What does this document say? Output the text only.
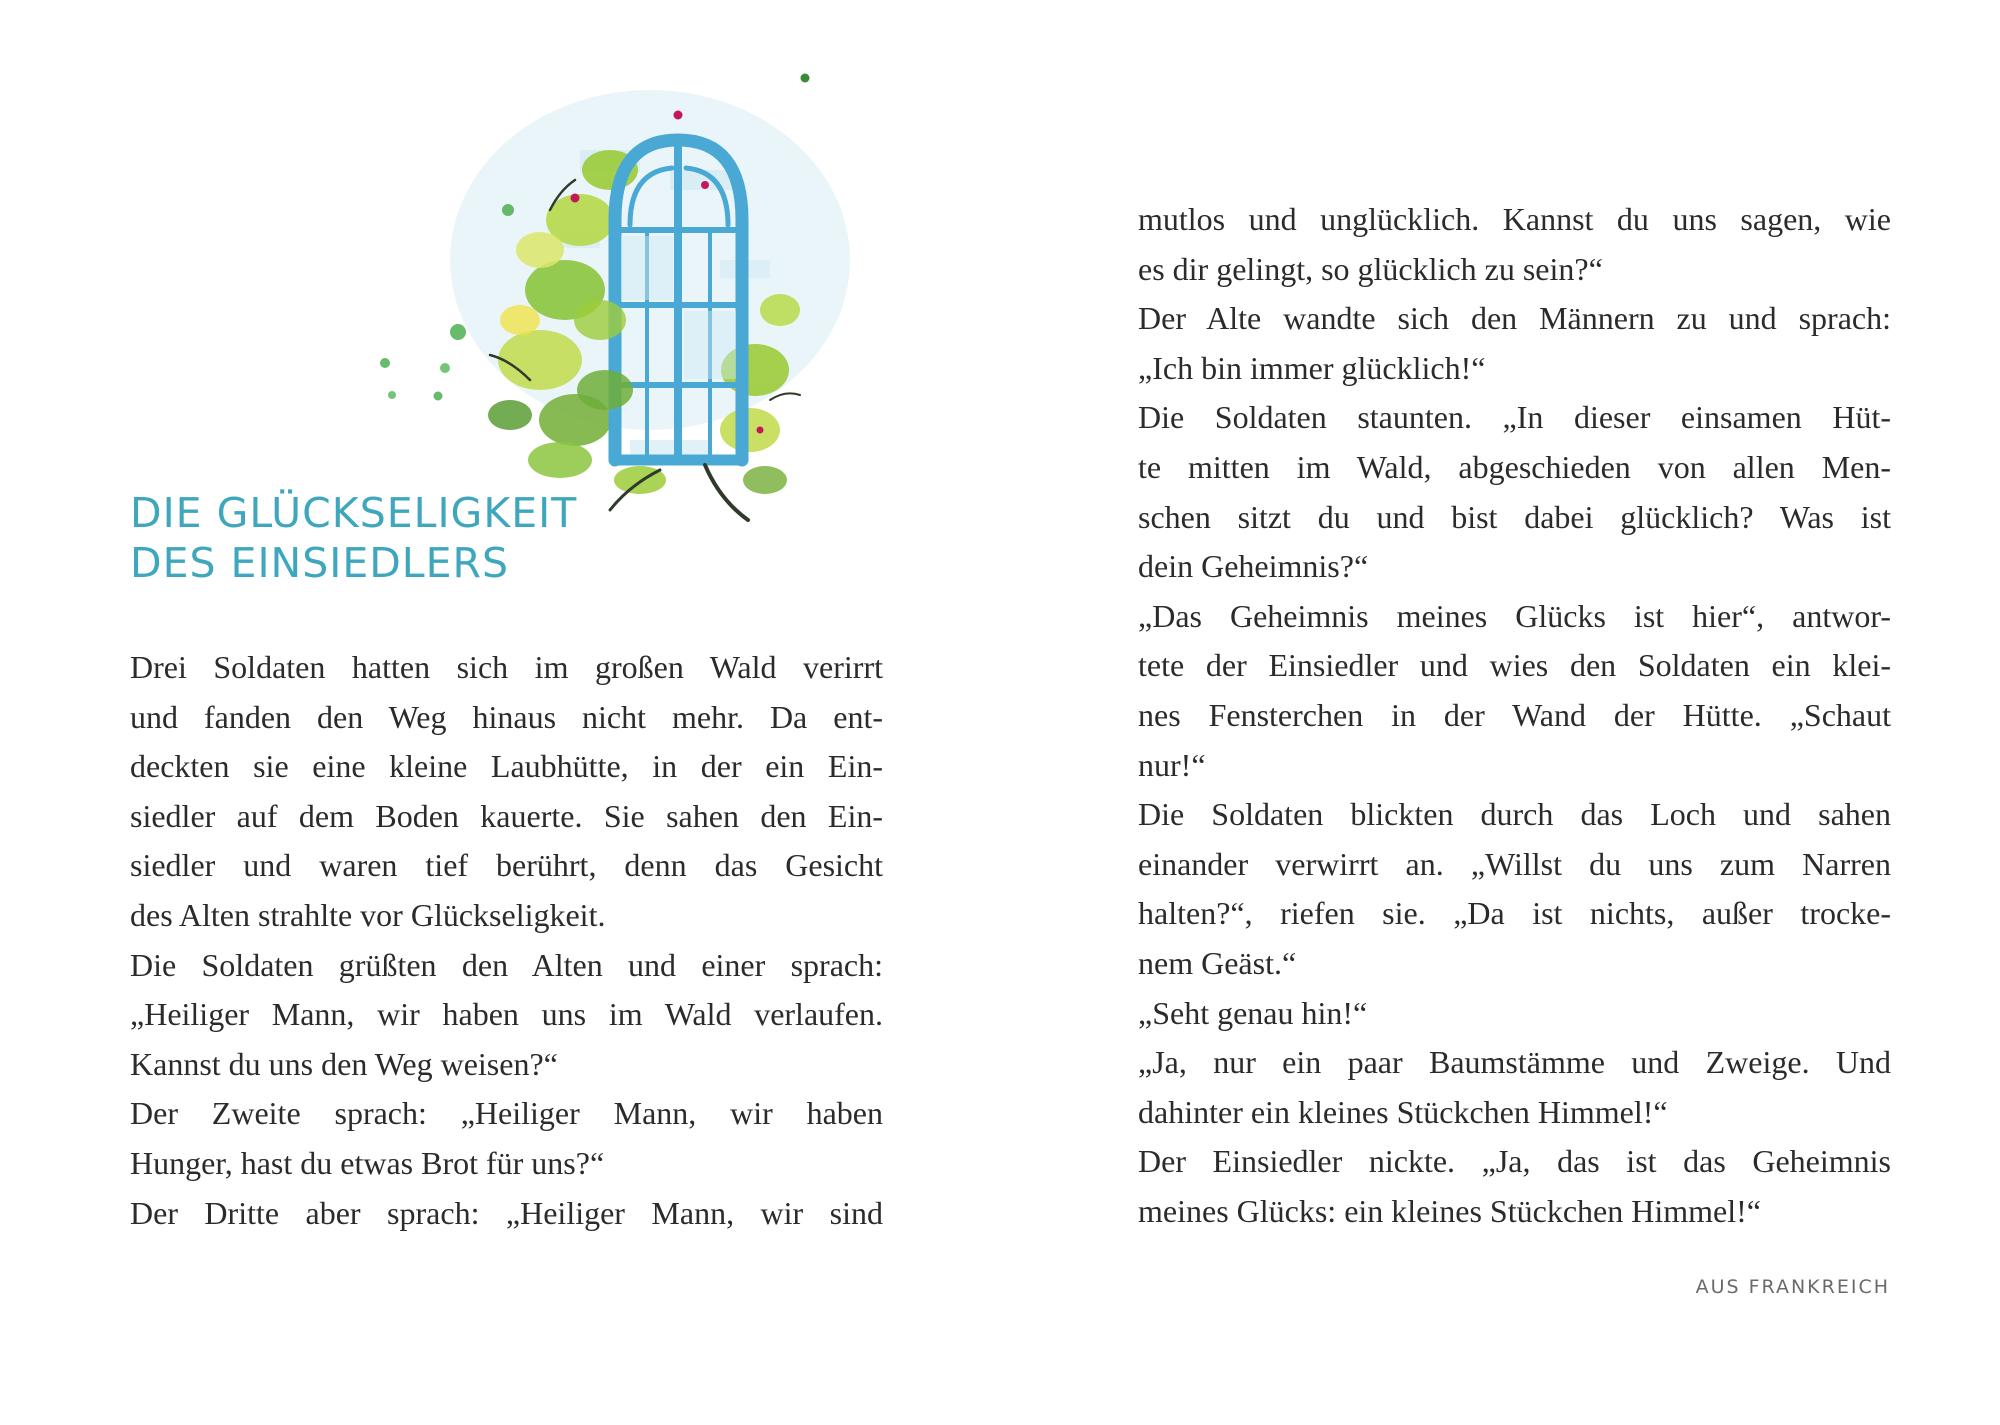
DIE GLÜCKSELIGKEIT
DES EINSIEDLERS
Drei Soldaten hatten sich im großen Wald verirrt
und fanden den Weg hinaus nicht mehr. Da ent-
deckten sie eine kleine Laubhütte, in der ein Ein-
siedler auf dem Boden kauerte. Sie sahen den Ein-
siedler und waren tief berührt, denn das Gesicht
des Alten strahlte vor Glückseligkeit.
Die Soldaten grüßten den Alten und einer sprach:
„Heiliger Mann, wir haben uns im Wald verlaufen.
Kannst du uns den Weg weisen?“
Der Zweite sprach: „Heiliger Mann, wir haben
Hunger, hast du etwas Brot für uns?“
Der Dritte aber sprach: „Heiliger Mann, wir sind
mutlos und unglücklich. Kannst du uns sagen, wie
es dir gelingt, so glücklich zu sein?“
Der Alte wandte sich den Männern zu und sprach:
„Ich bin immer glücklich!“
Die Soldaten staunten. „In dieser einsamen Hüt-
te mitten im Wald, abgeschieden von allen Men-
schen sitzt du und bist dabei glücklich? Was ist
dein Geheimnis?“
„Das Geheimnis meines Glücks ist hier“, antwor-
tete der Einsiedler und wies den Soldaten ein klei-
nes Fensterchen in der Wand der Hütte. „Schaut
nur!“
Die Soldaten blickten durch das Loch und sahen
einander verwirrt an. „Willst du uns zum Narren
halten?“, riefen sie. „Da ist nichts, außer trocke-
nem Geäst.“
„Seht genau hin!“
„Ja, nur ein paar Baumstämme und Zweige. Und
dahinter ein kleines Stückchen Himmel!“
Der Einsiedler nickte. „Ja, das ist das Geheimnis
meines Glücks: ein kleines Stückchen Himmel!“
AUS FRANKREICH
